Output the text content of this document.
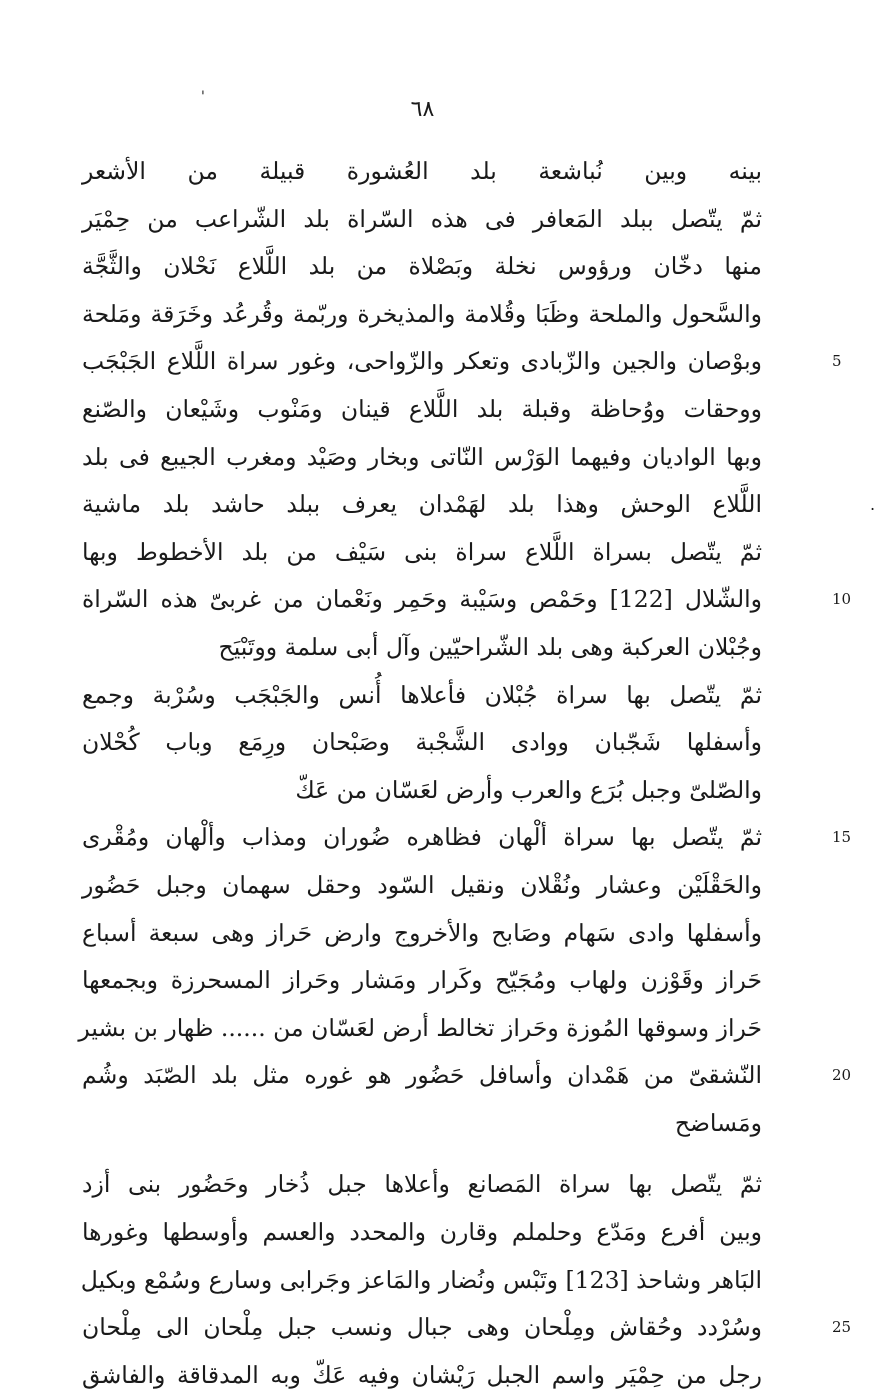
'	٦٨
بينه وبين نُباشعة بلد العُشورة قبيلة من الأشعر
ثمّ يتّصل ببلد المَعافر فى هذه السّراة بلد الشّراعب من حِمْيَر
منها دخّان ورؤوس نخلة وبَصْلاة من بلد اللَّلاع نَحْلان والثَّجَّة
والسَّحول والملحة وظَبَا وقُلامة والمذيخرة وربّمة وقُرعُد وخَرَقة ومَلحة
وبوْصان والجين والزّبادى وتعكر والزّواحى، وغور سراة اللَّلاع الجَبْجَب	5
ووحقات ووُحاظة وقبلة بلد اللَّلاع قينان ومَنْوب وشَيْعان والصّنع
وبها الواديان وفيهما الوَرْس النّاتى وبخار وصَيْد ومغرب الجيبع فى بلد
اللَّلاع الوحش وهذا بلد لهَمْدان يعرف ببلد حاشد بلد ماشية	.
ثمّ يتّصل بسراة اللَّلاع سراة بنى سَيْف من بلد الأخطوط وبها
والشّلال [122] وحَمْص وسَيْبة وحَمِر ونَعْمان من غربىّ هذه السّراة	10
وجُبْلان العركبة وهى بلد الشّراحيّين وآل أبى سلمة ووتَبْيَح
ثمّ يتّصل بها سراة جُبْلان فأعلاها أُنس والجَبْجَب وسُرْبة وجمع
وأسفلها شَجّبان ووادى الشَّجْبة وصَبْحان ورِمَع وباب كُحْلان
والصّلىّ وجبل بُرَع والعرب وأرض لعَسّان من عَكّ
ثمّ يتّصل بها سراة ألْهان فظاهره ضُوران ومذاب وألْهان ومُقْرى	15
والحَقْلَيْن وعشار ونُقْلان ونقيل السّود وحقل سهمان وجبل حَضُور
وأسفلها وادى سَهام وصَابح والأخروج وارض حَراز وهى سبعة أسباع
حَراز وقَوْزن ولهاب ومُجَيّح وكَرار ومَشار وحَراز المسحرزة وبجمعها
حَراز وسوقها المُوزة وحَراز تخالط أرض لعَسّان من ...... ظهار بن بشير
النّشقىّ من هَمْدان وأسافل حَضُور هو غوره مثل بلد الصّبَد وشُم	20
ومَساضح
ثمّ يتّصل بها سراة المَصانع وأعلاها جبل ذُخار وحَضُور بنى أزد
وبين أفرع ومَدّع وحلملم وقارن والمحدد والعسم وأوسطها وغورها
البَاهر وشاحذ [123] وتَبْس ونُضار والمَاعز وجَرابى وسارع وسُمْع وبكيل
وسُرْدد وحُقاش ومِلْحان وهى جبال ونسب جبل مِلْحان الى مِلْحان	25
رجل من حِمْيَر واسم الجبل رَيْشان وفيه عَكّ وبه المدقاقة والفاشق
